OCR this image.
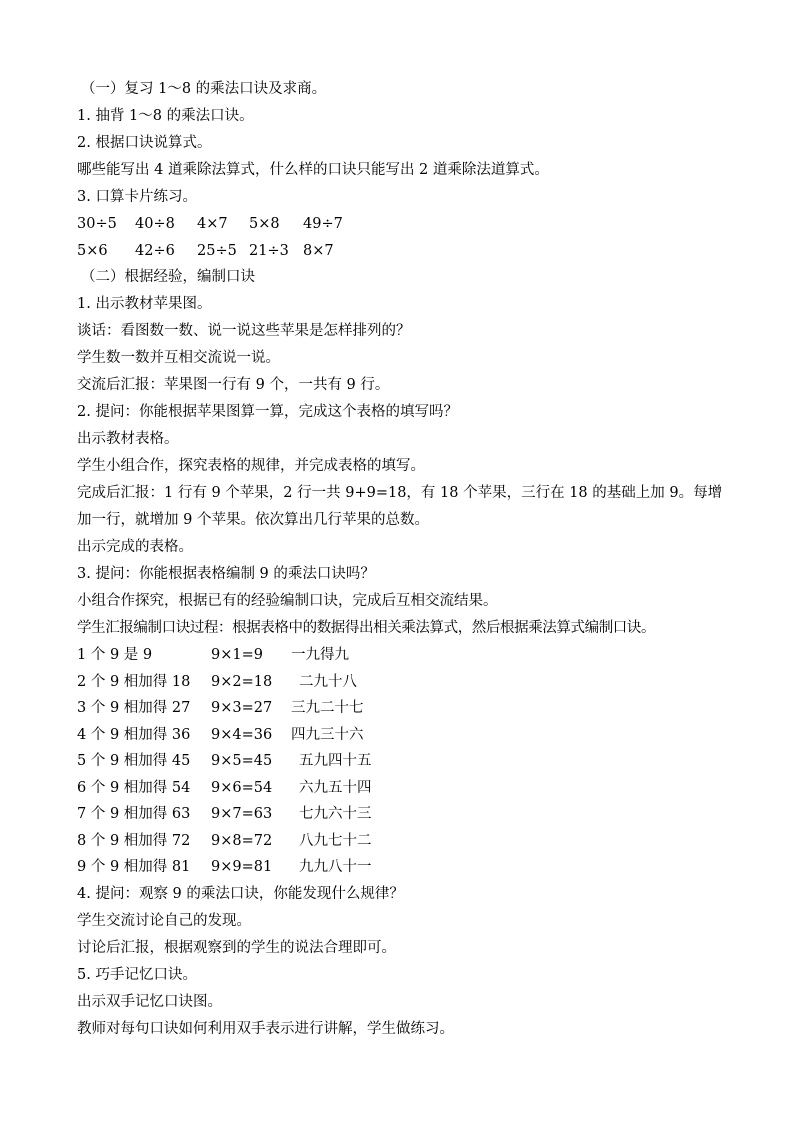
（一）复习 1～8 的乘法口诀及求商。
1. 抽背 1～8 的乘法口诀。
2. 根据口诀说算式。
哪些能写出 4 道乘除法算式，什么样的口诀只能写出 2 道乘除法道算式。
3. 口算卡片练习。
30÷5	40÷8	4×7	5×8	49÷7
5×6	42÷6	25÷5 21÷3 8×7
（二）根据经验，编制口诀
1. 出示教材苹果图。
谈话：看图数一数、说一说这些苹果是怎样排列的？
学生数一数并互相交流说一说。
交流后汇报：苹果图一行有 9 个，一共有 9 行。
2. 提问：你能根据苹果图算一算，完成这个表格的填写吗？
出示教材表格。
学生小组合作，探究表格的规律，并完成表格的填写。
完成后汇报：1 行有 9 个苹果，2 行一共 9+9=18，有 18 个苹果，三行在 18 的基础上加 9。每增加一行，就增加 9 个苹果。依次算出几行苹果的总数。
出示完成的表格。
3. 提问：你能根据表格编制 9 的乘法口诀吗？
小组合作探究，根据已有的经验编制口诀，完成后互相交流结果。
学生汇报编制口诀过程：根据表格中的数据得出相关乘法算式，然后根据乘法算式编制口诀。
1 个 9 是 9	9×1=9	一九得九
2 个 9 相加得 18	9×2=18	二九十八
3 个 9 相加得 27	9×3=27	三九二十七
4 个 9 相加得 36	9×4=36	四九三十六
5 个 9 相加得 45	9×5=45	五九四十五
6 个 9 相加得 54	9×6=54	六九五十四
7 个 9 相加得 63	9×7=63	七九六十三
8 个 9 相加得 72	9×8=72	八九七十二
9 个 9 相加得 81	9×9=81	九九八十一
4. 提问：观察 9 的乘法口诀，你能发现什么规律？
学生交流讨论自己的发现。
讨论后汇报，根据观察到的学生的说法合理即可。
5. 巧手记忆口诀。
出示双手记忆口诀图。
教师对每句口诀如何利用双手表示进行讲解，学生做练习。
